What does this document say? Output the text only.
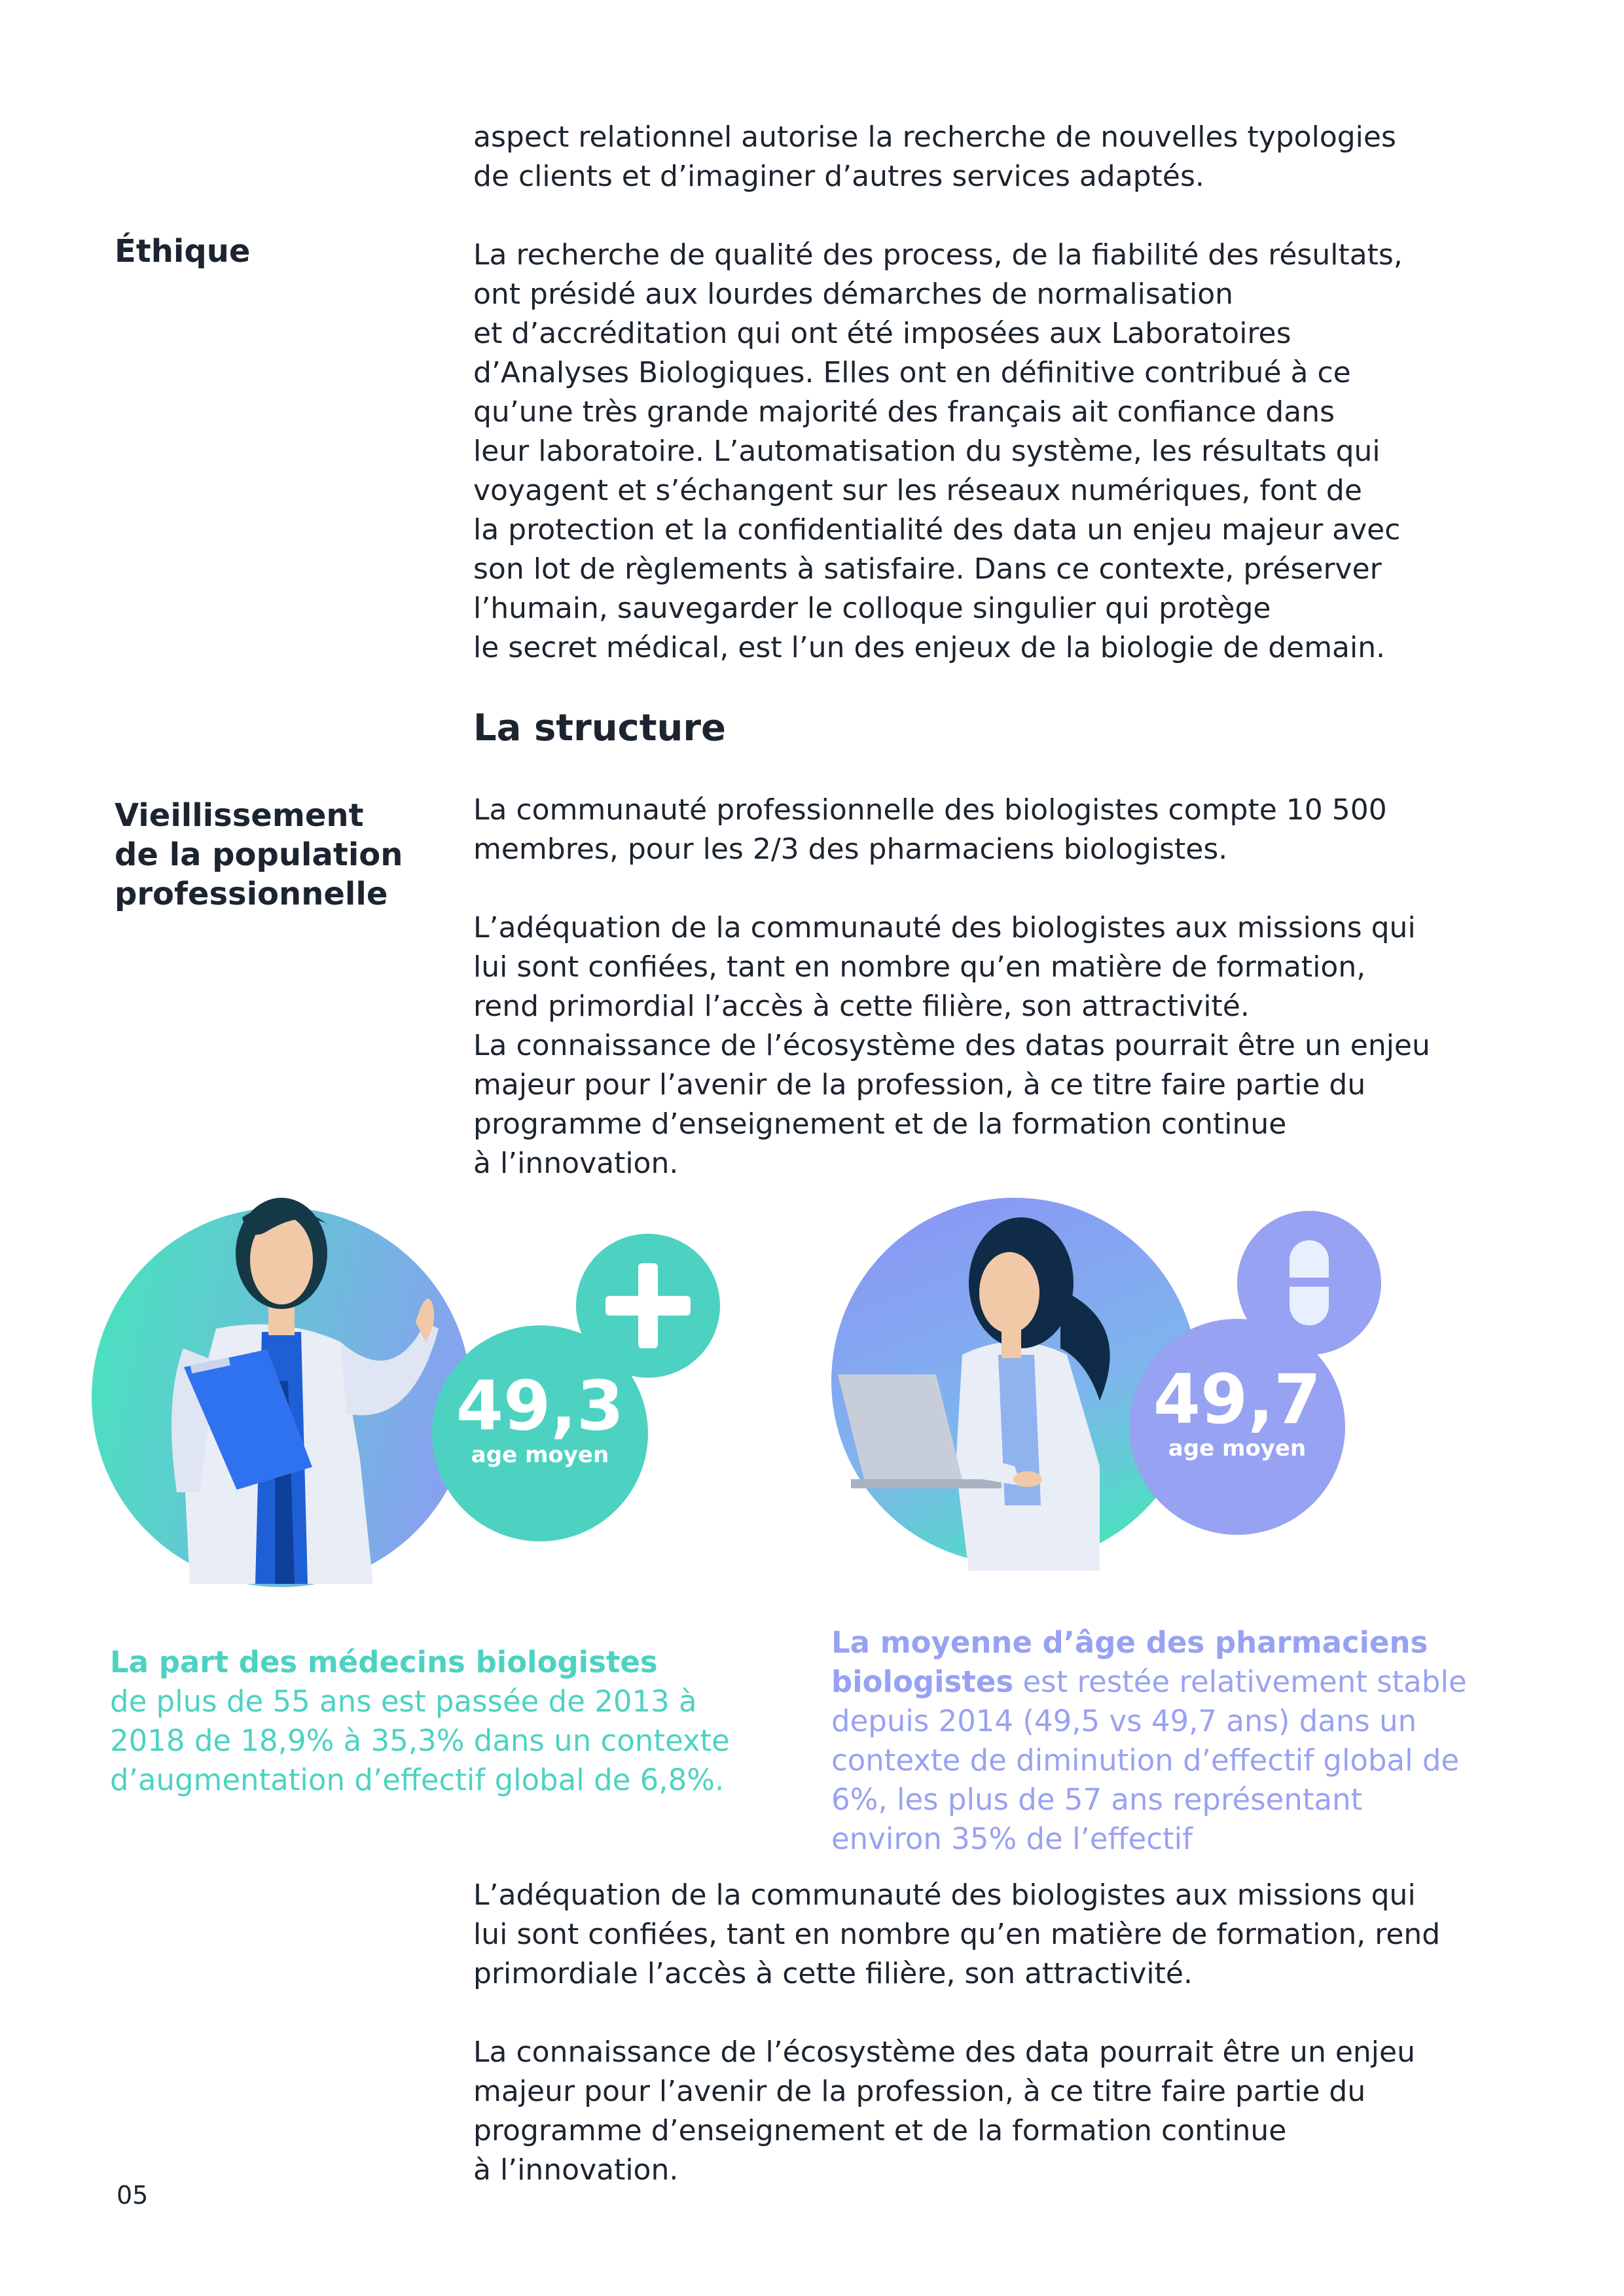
aspect relationnel autorise la recherche de nouvelles typologies
de clients et d’imaginer d’autres services adaptés.

Éthique	La recherche de qualité des process, de la fiabilité des résultats,
ont présidé aux lourdes démarches de normalisation
et d’accréditation qui ont été imposées aux Laboratoires
d’Analyses Biologiques. Elles ont en définitive contribué à ce
qu’une très grande majorité des français ait confiance dans
leur laboratoire. L’automatisation du système, les résultats qui
voyagent et s’échangent sur les réseaux numériques, font de
la protection et la confidentialité des data un enjeu majeur avec
son lot de règlements à satisfaire. Dans ce contexte, préserver
l’humain, sauvegarder le colloque singulier qui protège
le secret médical, est l’un des enjeux de la biologie de demain.

La structure
Vieillissement
de la population
professionnelle

La communauté professionnelle des biologistes compte 10 500
membres, pour les 2/3 des pharmaciens biologistes.

L’adéquation de la communauté des biologistes aux missions qui
lui sont confiées, tant en nombre qu’en matière de formation,
rend primordial l’accès à cette filière, son attractivité.
La connaissance de l’écosystème des datas pourrait être un enjeu
majeur pour l’avenir de la profession, à ce titre faire partie du
programme d’enseignement et de la formation continue
à l’innovation.

49,3
age moyen
49,7
age moyen
La part des médecins biologistes
de plus de 55 ans est passée de 2013 à
2018 de 18,9% à 35,3% dans un contexte
d’augmentation d’effectif global de 6,8%.
La moyenne d’âge des pharmaciens
biologistes est restée relativement stable
depuis 2014 (49,5 vs 49,7 ans) dans un
contexte de diminution d’effectif global de
6%, les plus de 57 ans représentant
environ 35% de l’effectif

L’adéquation de la communauté des biologistes aux missions qui
lui sont confiées, tant en nombre qu’en matière de formation, rend
primordiale l’accès à cette filière, son attractivité.

La connaissance de l’écosystème des data pourrait être un enjeu
majeur pour l’avenir de la profession, à ce titre faire partie du
programme d’enseignement et de la formation continue
à l’innovation.

05
